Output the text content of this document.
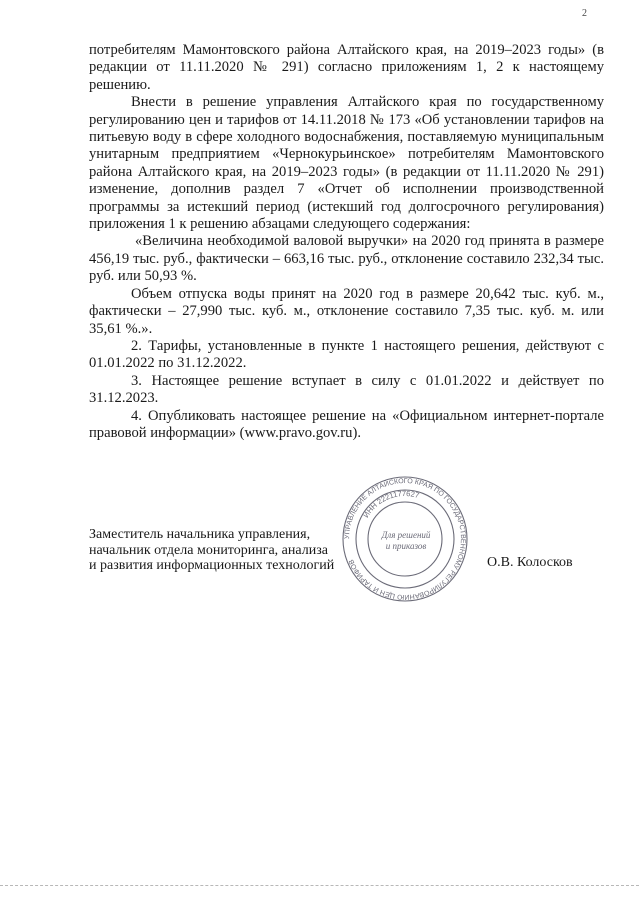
2

потребителям Мамонтовского района Алтайского края, на 2019–2023 годы» (в редакции от 11.11.2020 № 291) согласно приложениям 1, 2 к настоящему решению.

Внести в решение управления Алтайского края по государственному регулированию цен и тарифов от 14.11.2018 № 173 «Об установлении тарифов на питьевую воду в сфере холодного водоснабжения, поставляемую муниципальным унитарным предприятием «Чернокурьинское» потребителям Мамонтовского района Алтайского края, на 2019–2023 годы» (в редакции от 11.11.2020 № 291) изменение, дополнив раздел 7 «Отчет об исполнении производственной программы за истекший период (истекший год долгосрочного регулирования) приложения 1 к решению абзацами следующего содержания:

«Величина необходимой валовой выручки» на 2020 год принята в размере 456,19 тыс. руб., фактически – 663,16 тыс. руб., отклонение составило 232,34 тыс. руб. или 50,93 %.

Объем отпуска воды принят на 2020 год в размере 20,642 тыс. куб. м., фактически – 27,990 тыс. куб. м., отклонение составило 7,35 тыс. куб. м. или 35,61 %.».

2. Тарифы, установленные в пункте 1 настоящего решения, действуют с 01.01.2022 по 31.12.2022.

3. Настоящее решение вступает в силу с 01.01.2022 и действует по 31.12.2023.

4. Опубликовать настоящее решение на «Официальном интернет-портале правовой информации» (www.pravo.gov.ru).

Заместитель начальника управления,
начальник отдела мониторинга, анализа
и развития информационных технологий	О.В. Колосков
УПРАВЛЕНИЕ АЛТАЙСКОГО КРАЯ ПО ГОСУДАРСТВЕННОМУ РЕГУЛИРОВАНИЮ ЦЕН И ТАРИФОВ
ИНН 2221177627
Для решений
и приказов
